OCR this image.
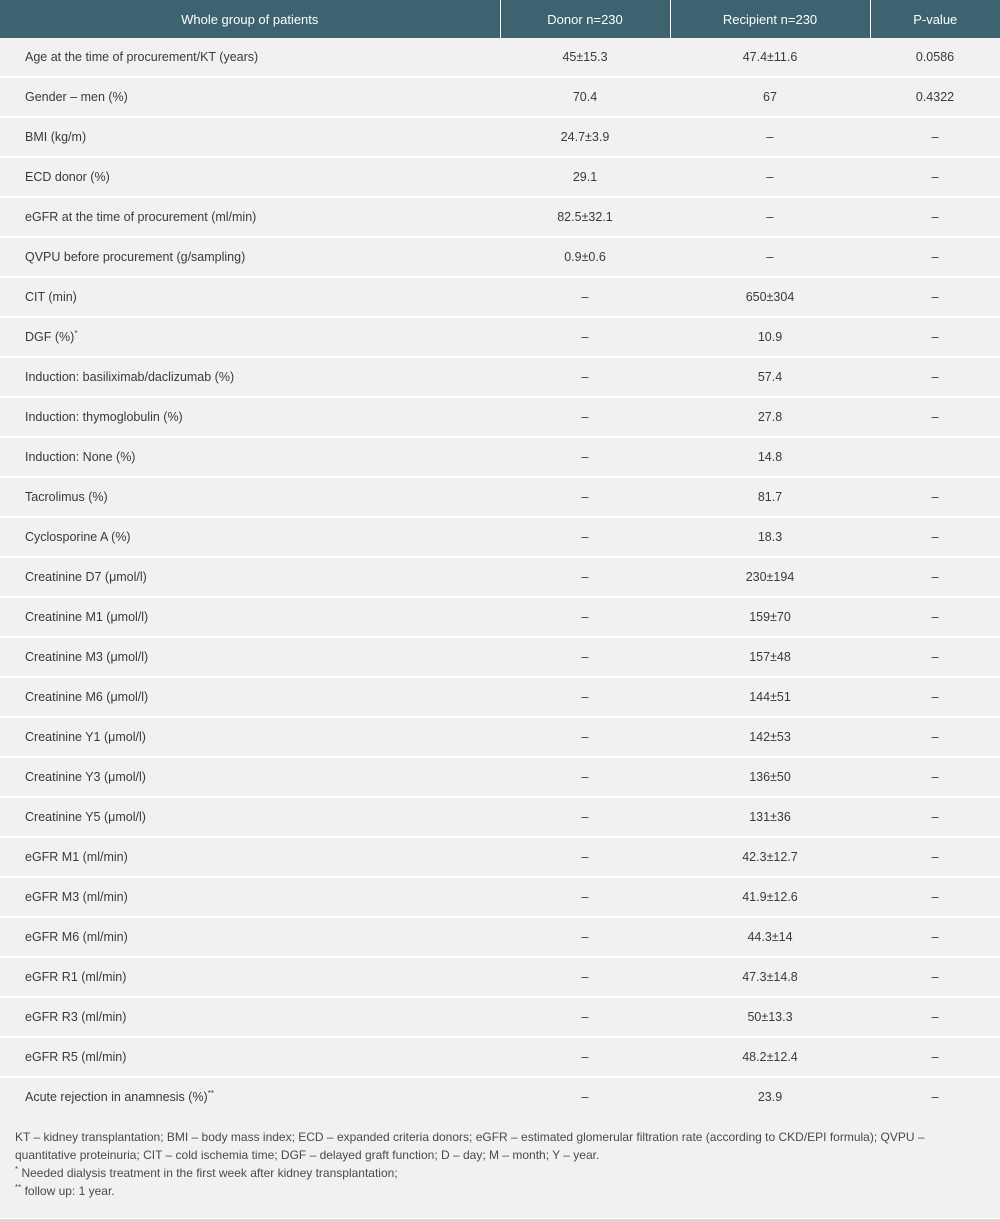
Whole group of patients	Donor n=230	Recipient n=230	P-value
Age at the time of procurement/KT (years)	45±15.3	47.4±11.6	0.0586
Gender – men (%)	70.4	67	0.4322
BMI (kg/m)	24.7±3.9	–	–
ECD donor (%)	29.1	–	–
eGFR at the time of procurement (ml/min)	82.5±32.1	–	–
QVPU before procurement (g/sampling)	0.9±0.6	–	–
CIT (min)	–	650±304	–
DGF (%)*	–	10.9	–
Induction: basiliximab/daclizumab (%)	–	57.4	–
Induction: thymoglobulin (%)	–	27.8	–
Induction: None (%)	–	14.8	
Tacrolimus (%)	–	81.7	–
Cyclosporine A (%)	–	18.3	–
Creatinine D7 (μmol/l)	–	230±194	–
Creatinine M1 (μmol/l)	–	159±70	–
Creatinine M3 (μmol/l)	–	157±48	–
Creatinine M6 (μmol/l)	–	144±51	–
Creatinine Y1 (μmol/l)	–	142±53	–
Creatinine Y3 (μmol/l)	–	136±50	–
Creatinine Y5 (μmol/l)	–	131±36	–
eGFR M1 (ml/min)	–	42.3±12.7	–
eGFR M3 (ml/min)	–	41.9±12.6	–
eGFR M6 (ml/min)	–	44.3±14	–
eGFR R1 (ml/min)	–	47.3±14.8	–
eGFR R3 (ml/min)	–	50±13.3	–
eGFR R5 (ml/min)	–	48.2±12.4	–
Acute rejection in anamnesis (%)**	–	23.9	–
KT – kidney transplantation; BMI – body mass index; ECD – expanded criteria donors; eGFR – estimated glomerular filtration rate (according to CKD/EPI formula); QVPU – quantitative proteinuria; CIT – cold ischemia time; DGF – delayed graft function; D – day; M – month; Y – year.
* Needed dialysis treatment in the first week after kidney transplantation;
** follow up: 1 year.
